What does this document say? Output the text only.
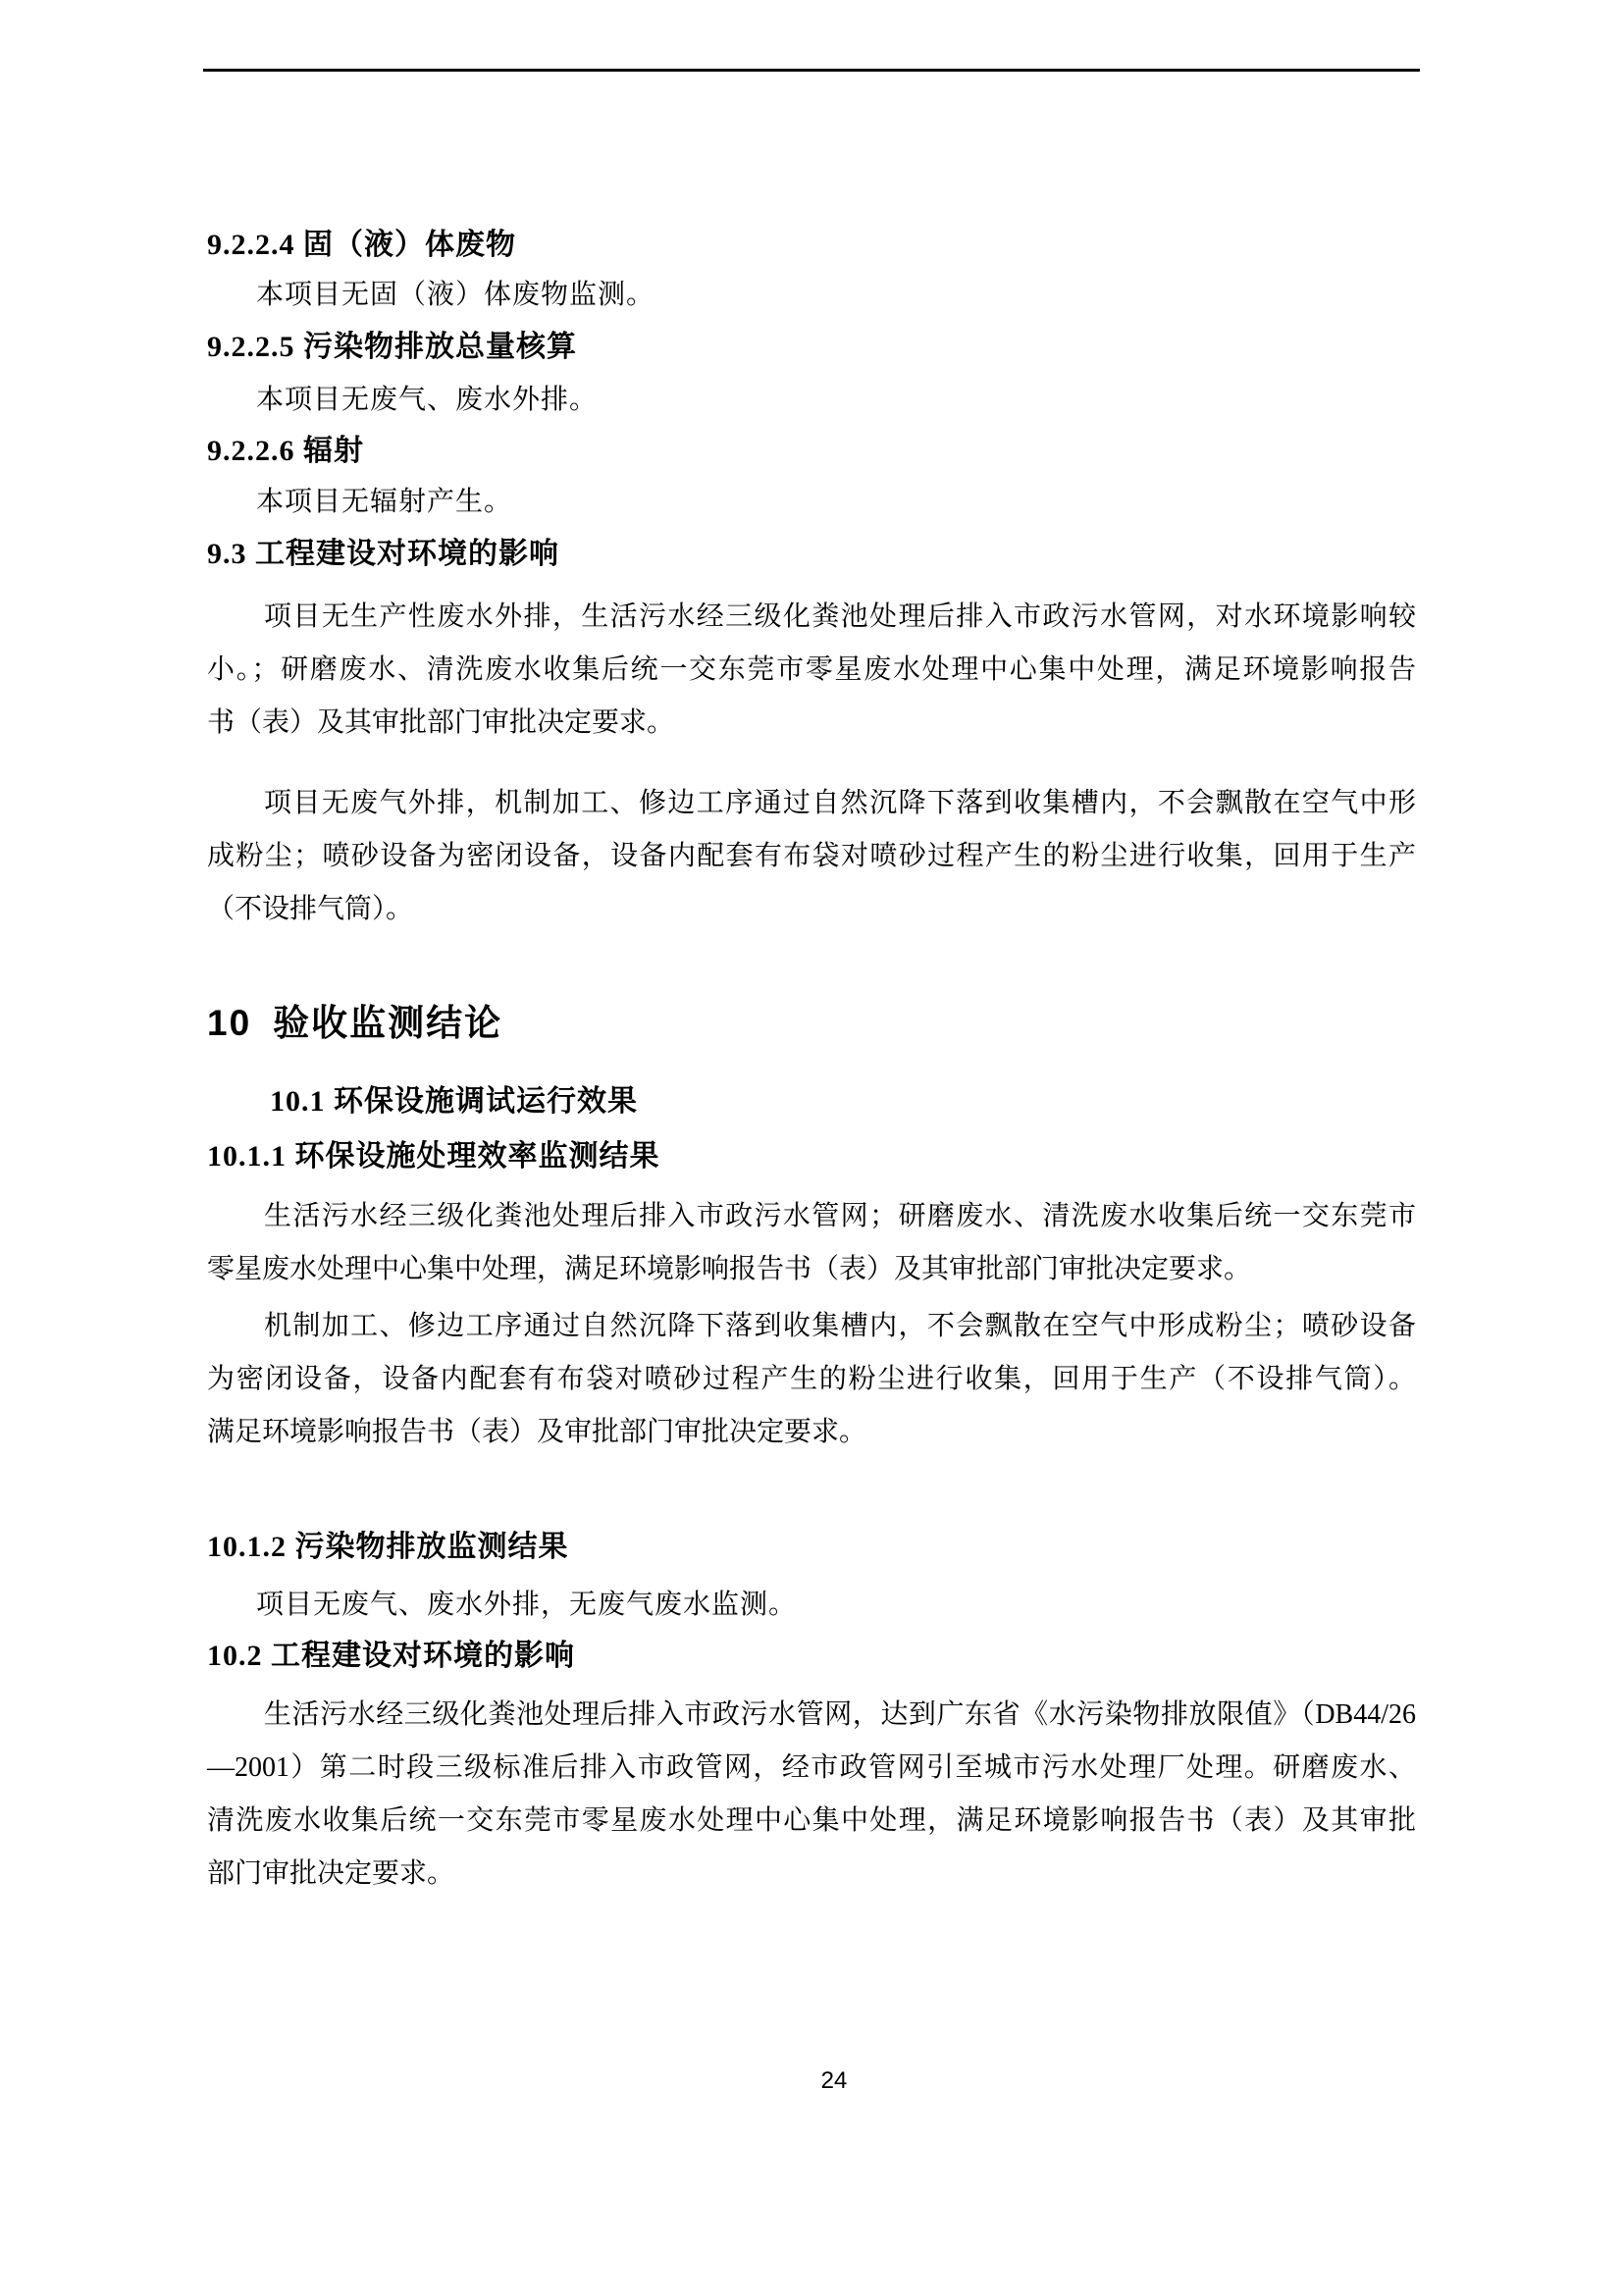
9.2.2.4 固（液）体废物
本项目无固（液）体废物监测。
9.2.2.5 污染物排放总量核算
本项目无废气、废水外排。
9.2.2.6 辐射
本项目无辐射产生。
9.3 工程建设对环境的影响
项目无生产性废水外排，生活污水经三级化粪池处理后排入市政污水管网，对水环境影响较
小。；研磨废水、清洗废水收集后统一交东莞市零星废水处理中心集中处理，满足环境影响报告
书（表）及其审批部门审批决定要求。
项目无废气外排，机制加工、修边工序通过自然沉降下落到收集槽内，不会飘散在空气中形
成粉尘；喷砂设备为密闭设备，设备内配套有布袋对喷砂过程产生的粉尘进行收集，回用于生产
（不设排气筒）。
10 验收监测结论
10.1 环保设施调试运行效果
10.1.1 环保设施处理效率监测结果
生活污水经三级化粪池处理后排入市政污水管网；研磨废水、清洗废水收集后统一交东莞市
零星废水处理中心集中处理，满足环境影响报告书（表）及其审批部门审批决定要求。
机制加工、修边工序通过自然沉降下落到收集槽内，不会飘散在空气中形成粉尘；喷砂设备
为密闭设备，设备内配套有布袋对喷砂过程产生的粉尘进行收集，回用于生产（不设排气筒）。
满足环境影响报告书（表）及审批部门审批决定要求。
10.1.2 污染物排放监测结果
项目无废气、废水外排，无废气废水监测。
10.2 工程建设对环境的影响
生活污水经三级化粪池处理后排入市政污水管网，达到广东省《水污染物排放限值》（DB44/26
—2001）第二时段三级标准后排入市政管网，经市政管网引至城市污水处理厂处理。研磨废水、
清洗废水收集后统一交东莞市零星废水处理中心集中处理，满足环境影响报告书（表）及其审批
部门审批决定要求。
24
